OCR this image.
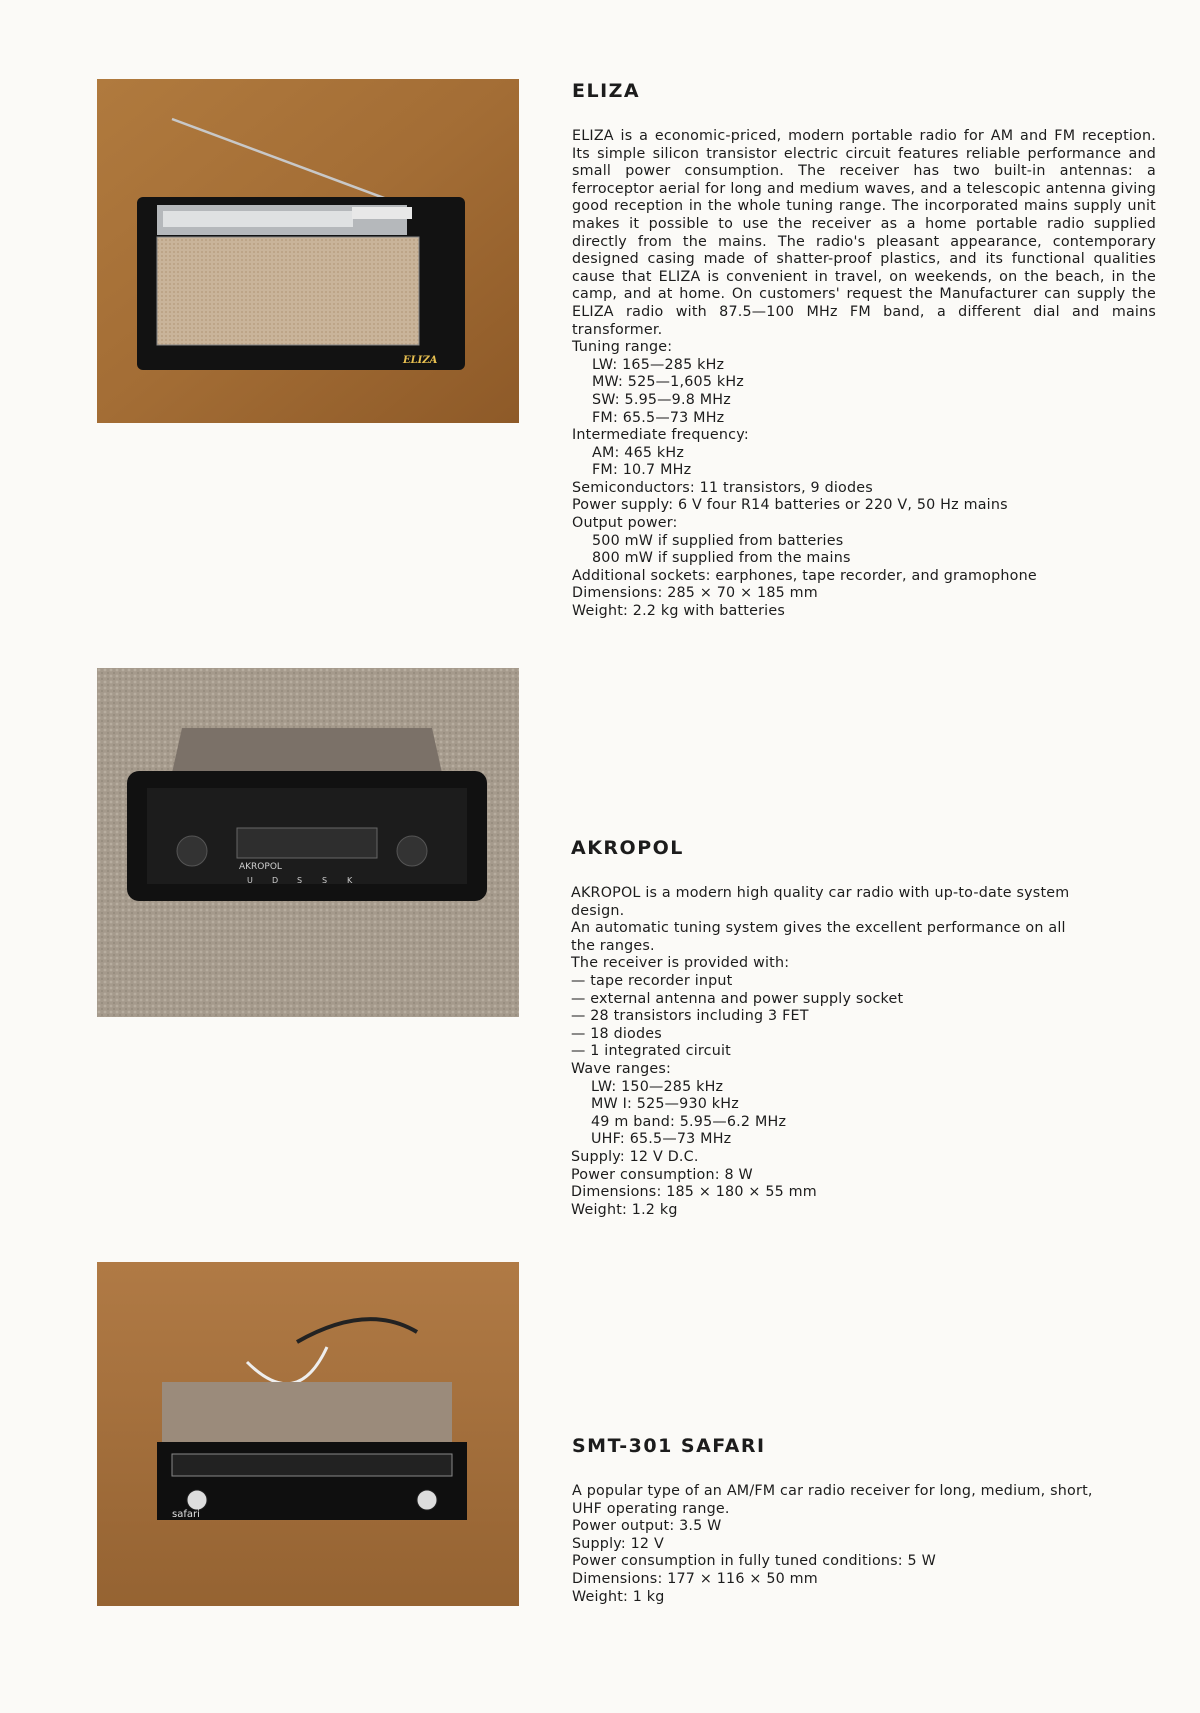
ELIZA
AKROPOL
U D S S K
safari
ELIZA

ELIZA is a economic-priced, modern portable radio for AM and FM reception. Its simple silicon transistor electric circuit features reliable performance and small power consumption. The receiver has two built-in antennas: a ferroceptor aerial for long and medium waves, and a telescopic antenna giving good reception in the whole tuning range. The incorporated mains supply unit makes it possible to use the receiver as a home portable radio supplied directly from the mains. The radio's pleasant appearance, contemporary designed casing made of shatter-proof plastics, and its functional qualities cause that ELIZA is convenient in travel, on weekends, on the beach, in the camp, and at home. On customers' request the Manufacturer can supply the ELIZA radio with 87.5—100 MHz FM band, a different dial and mains transformer.

Tuning range:
LW: 165—285 kHz
MW: 525—1,605 kHz
SW: 5.95—9.8 MHz
FM: 65.5—73 MHz
Intermediate frequency:
AM: 465 kHz
FM: 10.7 MHz
Semiconductors: 11 transistors, 9 diodes
Power supply: 6 V four R14 batteries or 220 V, 50 Hz mains
Output power:
500 mW if supplied from batteries
800 mW if supplied from the mains
Additional sockets: earphones, tape recorder, and gramophone
Dimensions: 285 × 70 × 185 mm
Weight: 2.2 kg with batteries
AKROPOL
AKROPOL is a modern high quality car radio with up-to-date system
design.
An automatic tuning system gives the excellent performance on all
the ranges.
The receiver is provided with:
— tape recorder input
— external antenna and power supply socket
— 28 transistors including 3 FET
— 18 diodes
— 1 integrated circuit
Wave ranges:
LW: 150—285 kHz
MW I: 525—930 kHz
49 m band: 5.95—6.2 MHz
UHF: 65.5—73 MHz
Supply: 12 V D.C.
Power consumption: 8 W
Dimensions: 185 × 180 × 55 mm
Weight: 1.2 kg
SMT-301 SAFARI
A popular type of an AM/FM car radio receiver for long, medium, short,
UHF operating range.
Power output: 3.5 W
Supply: 12 V
Power consumption in fully tuned conditions: 5 W
Dimensions: 177 × 116 × 50 mm
Weight: 1 kg
